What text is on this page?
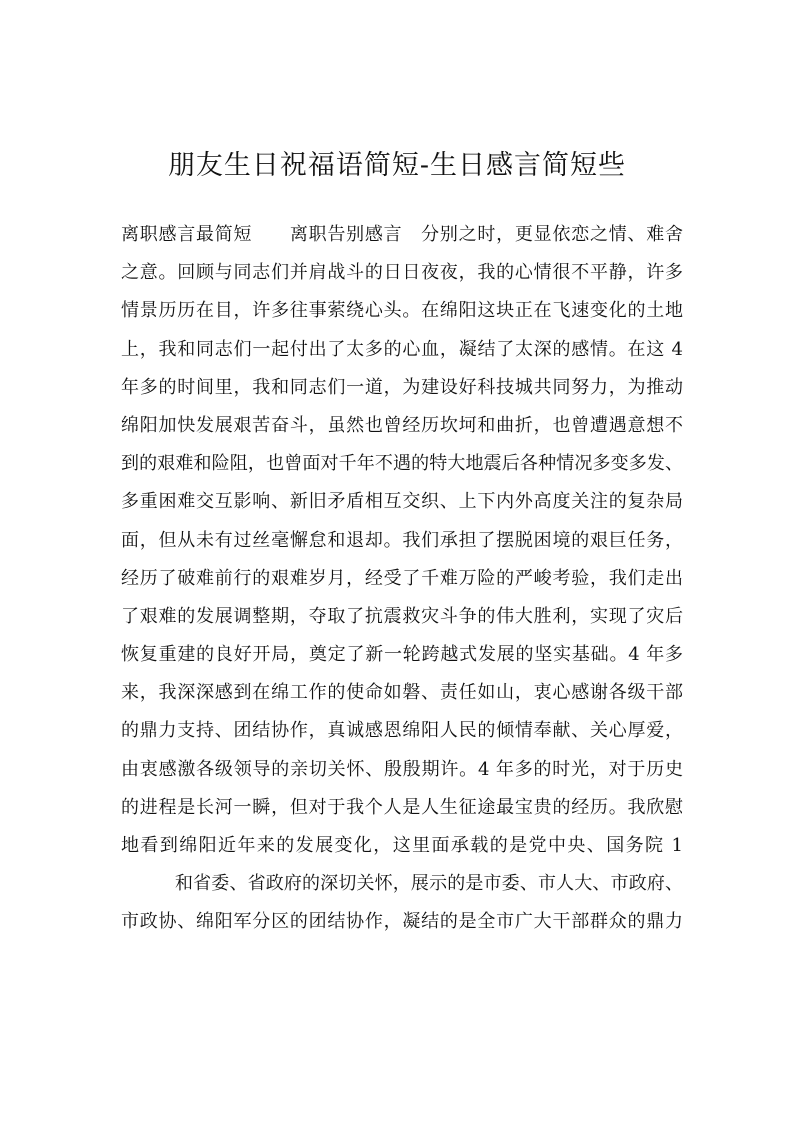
朋友生日祝福语简短-生日感言简短些
离职感言最简短　　离职告别感言　分别之时，更显依恋之情、难舍
之意。回顾与同志们并肩战斗的日日夜夜，我的心情很不平静，许多
情景历历在目，许多往事萦绕心头。在绵阳这块正在飞速变化的土地
上，我和同志们一起付出了太多的心血，凝结了太深的感情。在这 4
年多的时间里，我和同志们一道，为建设好科技城共同努力，为推动
绵阳加快发展艰苦奋斗，虽然也曾经历坎坷和曲折，也曾遭遇意想不
到的艰难和险阻，也曾面对千年不遇的特大地震后各种情况多变多发、
多重困难交互影响、新旧矛盾相互交织、上下内外高度关注的复杂局
面，但从未有过丝毫懈怠和退却。我们承担了摆脱困境的艰巨任务，
经历了破难前行的艰难岁月，经受了千难万险的严峻考验，我们走出
了艰难的发展调整期，夺取了抗震救灾斗争的伟大胜利，实现了灾后
恢复重建的良好开局，奠定了新一轮跨越式发展的坚实基础。4 年多
来，我深深感到在绵工作的使命如磐、责任如山，衷心感谢各级干部
的鼎力支持、团结协作，真诚感恩绵阳人民的倾情奉献、关心厚爱，
由衷感激各级领导的亲切关怀、殷殷期许。4 年多的时光，对于历史
的进程是长河一瞬，但对于我个人是人生征途最宝贵的经历。我欣慰
地看到绵阳近年来的发展变化，这里面承载的是党中央、国务院 1
和省委、省政府的深切关怀，展示的是市委、市人大、市政府、
市政协、绵阳军分区的团结协作，凝结的是全市广大干部群众的鼎力
